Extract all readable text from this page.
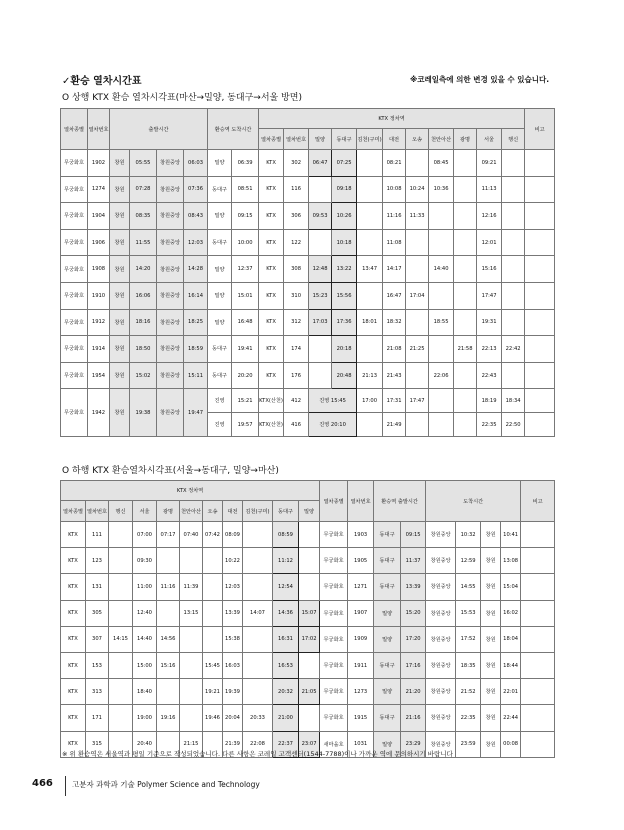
✓환승 열차시간표	※코레일측에 의한 변경 있을 수 있습니다.
O 상행 KTX 환승 열차시각표(마산→밀양, 동대구→서울 방면)
열차종별	열차번호	출발시간				환승역 도착시간		KTX 정차역											비고
								열차종별	열차번호	밀양	동대구	김천(구미)	대전	오송	천안아산	광명	서울	행신	
무궁화호	1902	창원	05:55	창원중앙	06:03	밀양	06:39	KTX	302	06:47	07:25		08:21		08:45		09:21		
무궁화호	1274	창원	07:28	창원중앙	07:36	동대구	08:51	KTX	116		09:18		10:08	10:24	10:36		11:13		
무궁화호	1904	창원	08:35	창원중앙	08:43	밀양	09:15	KTX	306	09:53	10:26		11:16	11:33			12:16		
무궁화호	1906	창원	11:55	창원중앙	12:03	동대구	10:00	KTX	122		10:18		11:08				12:01		
무궁화호	1908	창원	14:20	창원중앙	14:28	밀양	12:37	KTX	308	12:48	13:22	13:47	14:17		14:40		15:16		
무궁화호	1910	창원	16:06	창원중앙	16:14	밀양	15:01	KTX	310	15:23	15:56		16:47	17:04			17:47		
무궁화호	1912	창원	18:16	창원중앙	18:25	밀양	16:48	KTX	312	17:03	17:36	18:01	18:32		18:55		19:31		
무궁화호	1914	창원	18:50	창원중앙	18:59	동대구	19:41	KTX	174		20:18		21:08	21:25		21:58	22:13	22:42	
무궁화호	1954	창원	15:02	창원중앙	15:11	동대구	20:20	KTX	176		20:48	21:13	21:43		22:06		22:43		
무궁화호	1942	창원	19:38	창원중앙	19:47	진영	15:21	KTX(산천)	412	진영 15:45		17:00	17:31	17:47			18:19	18:34	
						진영	19:57	KTX(산천)	416	진영 20:10			21:49				22:35	22:50	
O 하행 KTX 환승열차시각표(서울→동대구, 밀양→마산)
KTX 정차역											열차종별	열차번호	환승역 출발시간		도착시간				비고
열차종별	열차번호	행신	서울	광명	천안아산	오송	대전	김천(구미)	동대구	밀양									
KTX	111		07:00	07:17	07:40	07:42	08:09		08:59		무궁화호	1903	동대구	09:15	창원중앙	10:32	창원	10:41	
KTX	123		09:30				10:22		11:12		무궁화호	1905	동대구	11:37	창원중앙	12:59	창원	13:08	
KTX	131		11:00	11:16	11:39		12:03		12:54		무궁화호	1271	동대구	13:39	창원중앙	14:55	창원	15:04	
KTX	305		12:40		13:15		13:39	14:07	14:36	15:07	무궁화호	1907	밀양	15:20	창원중앙	15:53	창원	16:02	
KTX	307	14:15	14:40	14:56			15:38		16:31	17:02	무궁화호	1909	밀양	17:20	창원중앙	17:52	창원	18:04	
KTX	153		15:00	15:16		15:45	16:03		16:53		무궁화호	1911	동대구	17:16	창원중앙	18:35	창원	18:44	
KTX	313		18:40			19:21	19:39		20:32	21:05	무궁화호	1273	밀양	21:20	창원중앙	21:52	창원	22:01	
KTX	171		19:00	19:16		19:46	20:04	20:33	21:00		무궁화호	1915	동대구	21:16	창원중앙	22:35	창원	22:44	
KTX	315		20:40		21:15		21:39	22:08	22:37	23:07	새마을호	1031	밀양	23:29	창원중앙	23:59	창원	00:08	
※ 위 환승역은 서울역과 평일 기준으로 작성되었습니다. 다른 사항은 코레일 고객센터(1544-7788)이나 가까운 역에 문의하시기 바랍니다
466	고분자 과학과 기술 Polymer Science and Technology
